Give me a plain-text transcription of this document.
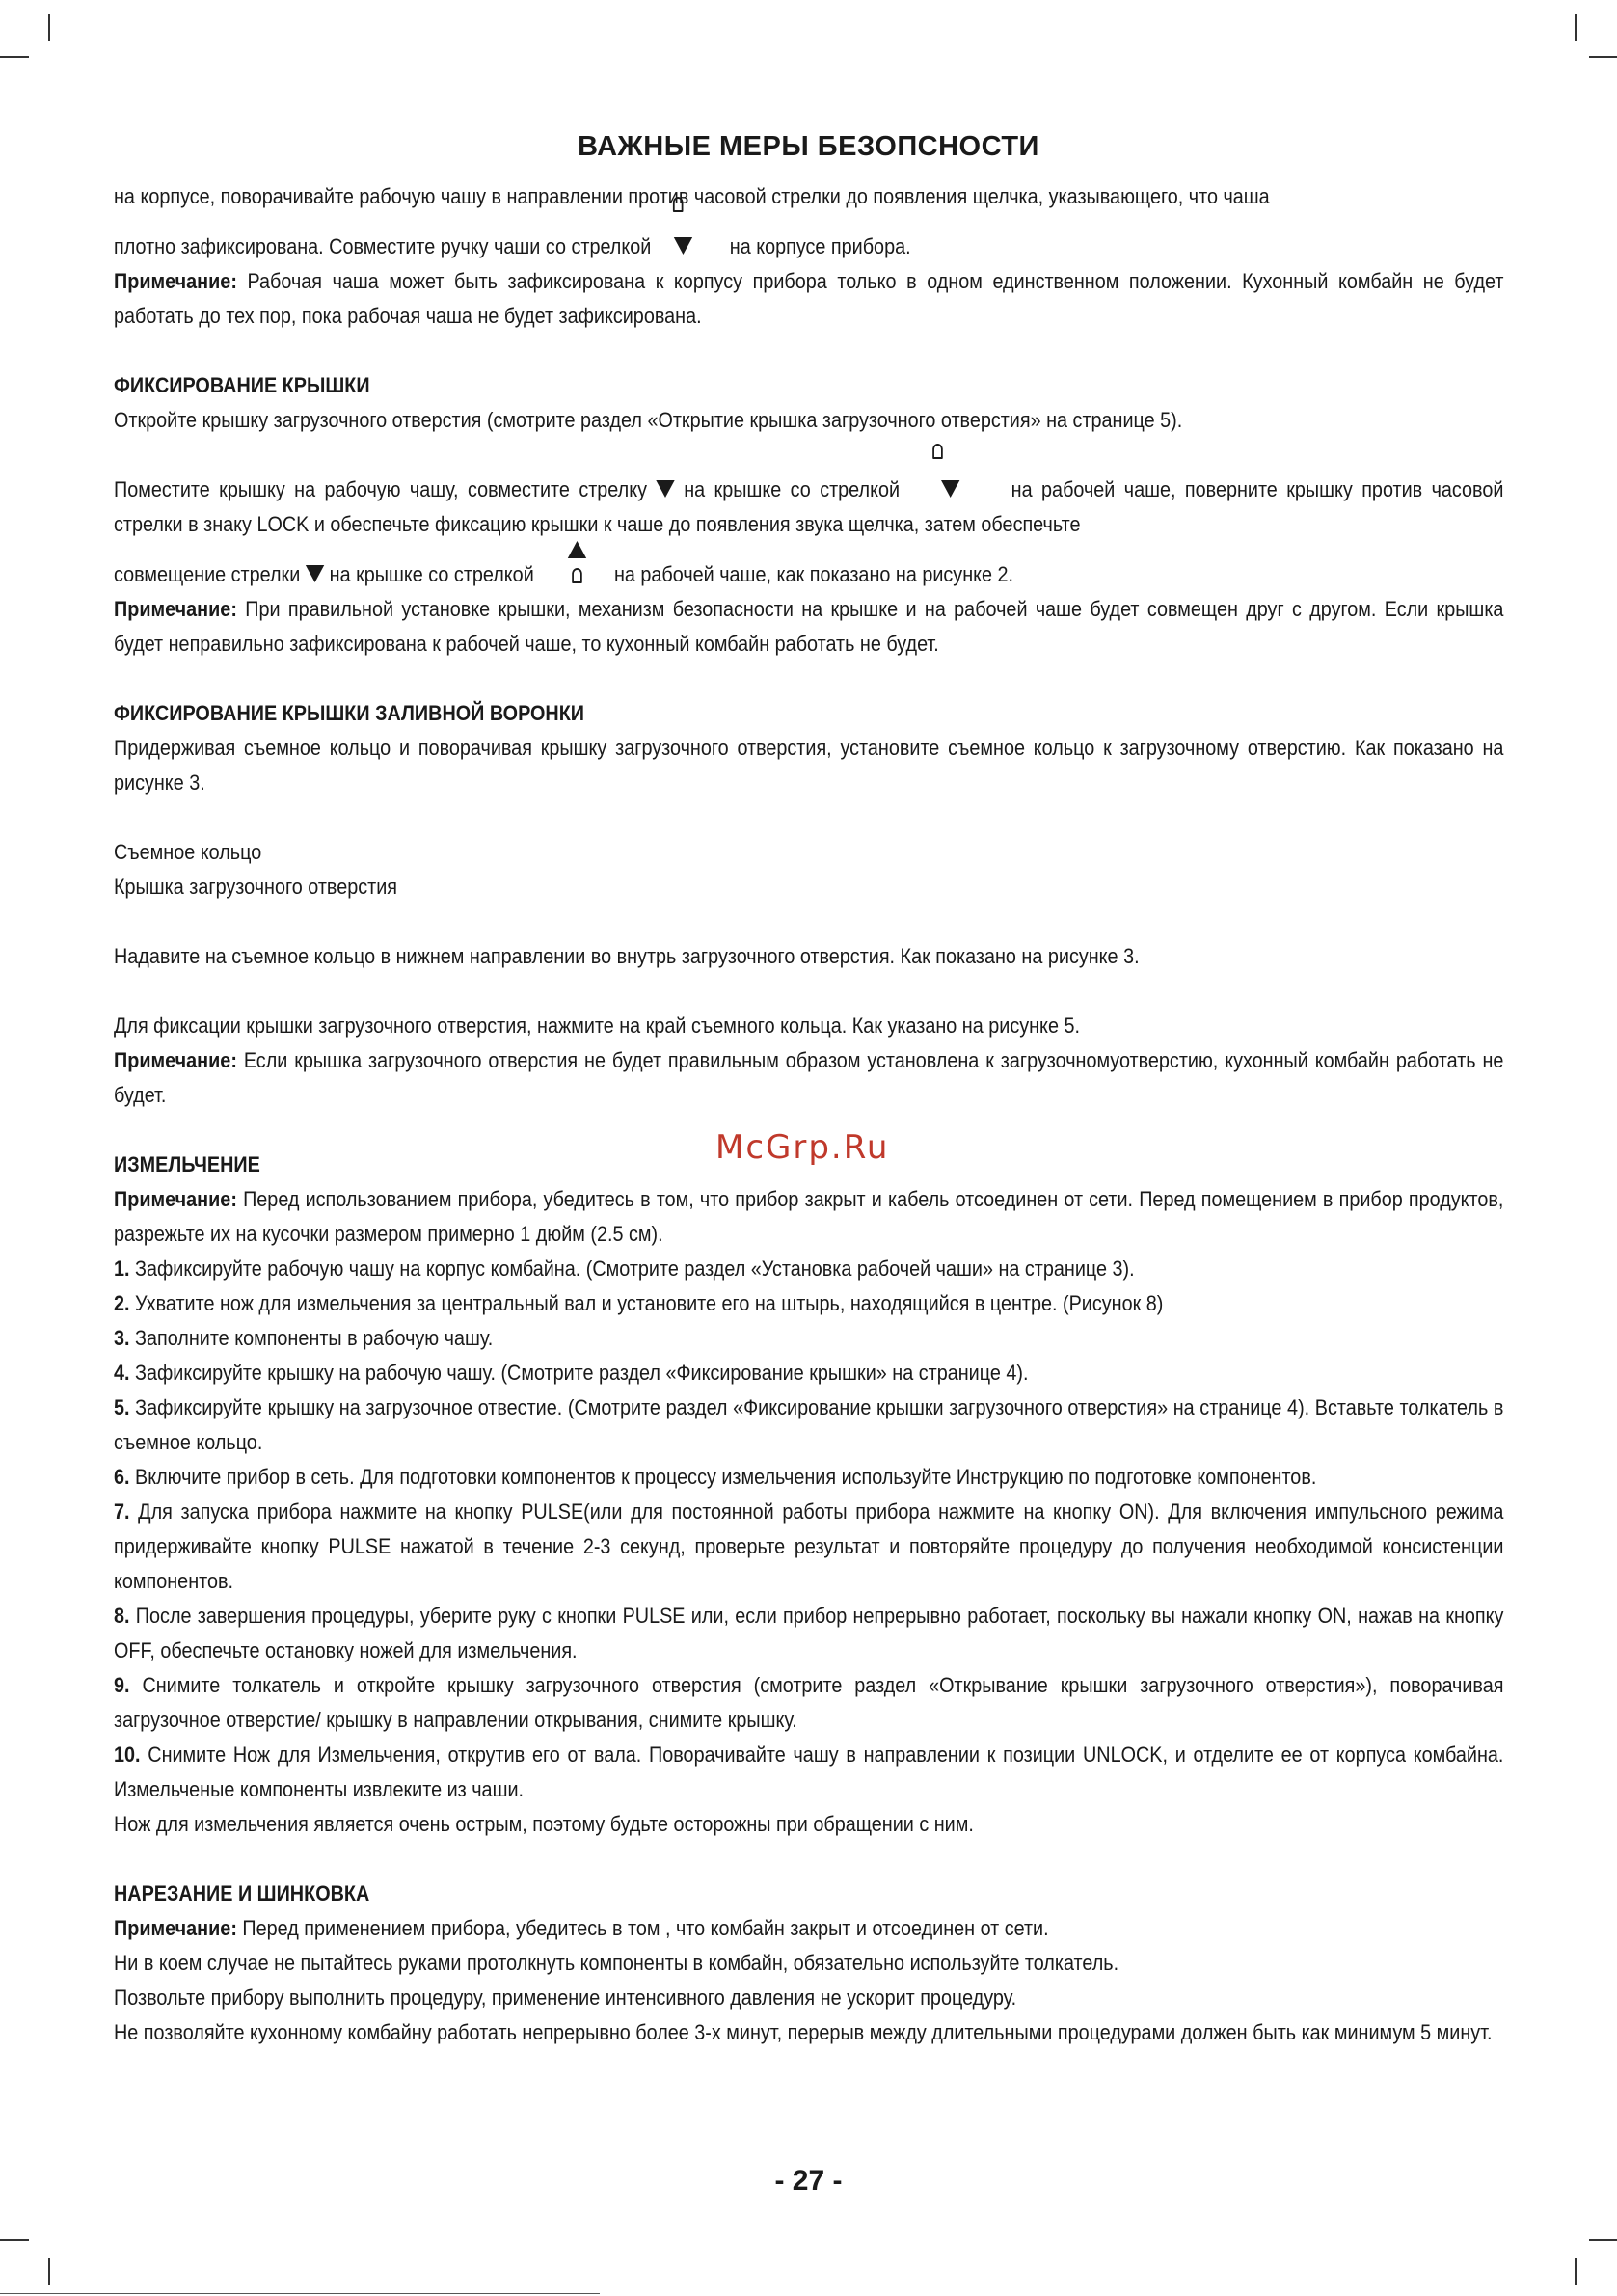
ВАЖНЫЕ МЕРЫ БЕЗОПСНОСТИ

на корпусе, поворачивайте рабочую чашу в направлении против часовой стрелки до появления щелчка, указывающего, что чаша

плотно зафиксирована. Совместите ручку чаши со стрелкой	на корпусе прибора.

Примечание: Рабочая чаша может быть зафиксирована к корпусу прибора только в одном единственном положении. Кухонный комбайн не будет работать до тех пор, пока рабочая чаша не будет зафиксирована.

ФИКСИРОВАНИЕ КРЫШКИ

Откройте крышку загрузочного отверстия (смотрите раздел «Открытие крышка загрузочного отверстия» на странице 5).

Поместите крышку на рабочую чашу, совместите стрелку на крышке со стрелкой	на рабочей чаше, поверните крышку против часовой стрелки в знаку LOCK и обеспечьте фиксацию крышки к чаше до появления звука щелчка, затем обеспечьте

совмещение стрелки на крышке со стрелкой	на рабочей чаше, как показано на рисунке 2.

Примечание: При правильной установке крышки, механизм безопасности на крышке и на рабочей чаше будет совмещен друг с другом. Если крышка будет неправильно зафиксирована к рабочей чаше, то кухонный комбайн работать не будет.

ФИКСИРОВАНИЕ КРЫШКИ ЗАЛИВНОЙ ВОРОНКИ

Придерживая съемное кольцо и поворачивая крышку загрузочного отверстия, установите съемное кольцо к загрузочному отверстию. Как показано на рисунке 3.

Съемное кольцо

Крышка загрузочного отверстия

Надавите на съемное кольцо в нижнем направлении во внутрь загрузочного отверстия. Как показано на рисунке 3.

Для фиксации крышки загрузочного отверстия, нажмите на край съемного кольца. Как указано на рисунке 5.

Примечание: Если крышка загрузочного отверстия не будет правильным образом установлена к загрузочномуотверстию, кухонный комбайн работать не будет.

ИЗМЕЛЬЧЕНИЕ

Примечание: Перед использованием прибора, убедитесь в том, что прибор закрыт и кабель отсоединен от сети. Перед помещением в прибор продуктов, разрежьте их на кусочки размером примерно 1 дюйм (2.5 см).

1. Зафиксируйте рабочую чашу на корпус комбайна. (Смотрите раздел «Установка рабочей чаши» на странице 3).

2. Ухватите нож для измельчения за центральный вал и установите его на штырь, находящийся в центре. (Рисунок 8)

3. Заполните компоненты в рабочую чашу.

4. Зафиксируйте крышку на рабочую чашу. (Смотрите раздел «Фиксирование крышки» на странице 4).

5. Зафиксируйте крышку на загрузочное отвестие. (Смотрите раздел «Фиксирование крышки загрузочного отверстия» на странице 4). Вставьте толкатель в съемное кольцо.

6. Включите прибор в сеть. Для подготовки компонентов к процессу измельчения используйте Инструкцию по подготовке компонентов.

7. Для запуска прибора нажмите на кнопку PULSE(или для постоянной работы прибора нажмите на кнопку ON). Для включения импульсного режима придерживайте кнопку PULSE нажатой в течение 2-3 секунд, проверьте результат и повторяйте процедуру до получения необходимой консистенции компонентов.

8. После завершения процедуры, уберите руку с кнопки PULSE или, если прибор непрерывно работает, поскольку вы нажали кнопку ON, нажав на кнопку OFF, обеспечьте остановку ножей для измельчения.

9. Снимите толкатель и откройте крышку загрузочного отверстия (смотрите раздел «Открывание крышки загрузочного отверстия»), поворачивая загрузочное отверстие/ крышку в направлении открывания, снимите крышку.

10. Снимите Нож для Измельчения, открутив его от вала. Поворачивайте чашу в направлении к позиции UNLOCK, и отделите ее от корпуса комбайна. Измельченые компоненты извлеките из чаши.

Нож для измельчения является очень острым, поэтому будьте осторожны при обращении с ним.

НАРЕЗАНИЕ И ШИНКОВКА

Примечание: Перед применением прибора, убедитесь в том , что комбайн закрыт и отсоединен от сети.

Ни в коем случае не пытайтесь руками протолкнуть компоненты в комбайн, обязательно используйте толкатель.

Позвольте прибору выполнить процедуру, применение интенсивного давления не ускорит процедуру.

Не позволяйте кухонному комбайну работать непрерывно более 3-х минут, перерыв между длительными процедурами должен быть как минимум 5 минут.

McGrp.Ru
- 27 -
